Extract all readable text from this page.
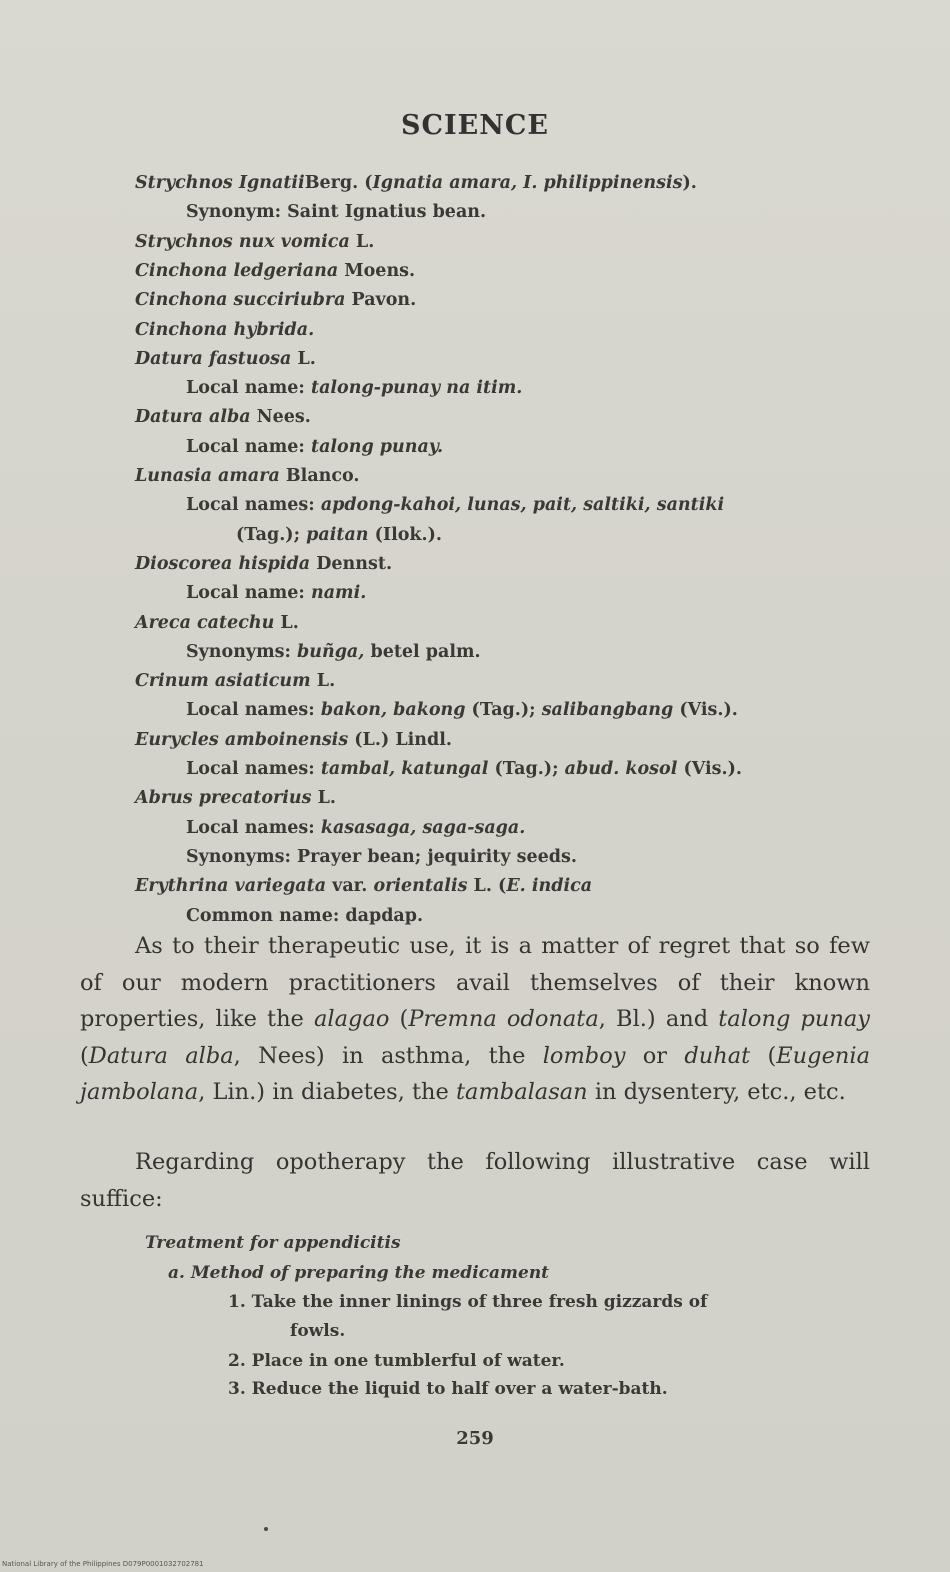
SCIENCE
Strychnos IgnatiiBerg. (Ignatia amara, I. philippinensis).
Synonym: Saint Ignatius bean.
Strychnos nux vomica L.
Cinchona ledgeriana Moens.
Cinchona succiriubra Pavon.
Cinchona hybrida.
Datura fastuosa L.
Local name: talong-punay na itim.
Datura alba Nees.
Local name: talong punay.
Lunasia amara Blanco.
Local names: apdong-kahoi, lunas, pait, saltiki, santiki
(Tag.); paitan (Ilok.).
Dioscorea hispida Dennst.
Local name: nami.
Areca catechu L.
Synonyms: buñga, betel palm.
Crinum asiaticum L.
Local names: bakon, bakong (Tag.); salibangbang (Vis.).
Eurycles amboinensis (L.) Lindl.
Local names: tambal, katungal (Tag.); abud. kosol (Vis.).
Abrus precatorius L.
Local names: kasasaga, saga-saga.
Synonyms: Prayer bean; jequirity seeds.
Erythrina variegata var. orientalis L. (E. indica
Common name: dapdap.
As to their therapeutic use, it is a matter of regret that so few of our modern practitioners avail themselves of their known properties, like the alagao (Premna odonata, Bl.) and talong punay (Datura alba, Nees) in asthma, the lomboy or duhat (Eugenia jambolana, Lin.) in diabetes, the tambalasan in dysentery, etc., etc.
Regarding opotherapy the following illustrative case will suffice:
Treatment for appendicitis
a. Method of preparing the medicament
1. Take the inner linings of three fresh gizzards of
fowls.
2. Place in one tumblerful of water.
3. Reduce the liquid to half over a water-bath.
259
National Library of the Philippines D079P0001032702781
